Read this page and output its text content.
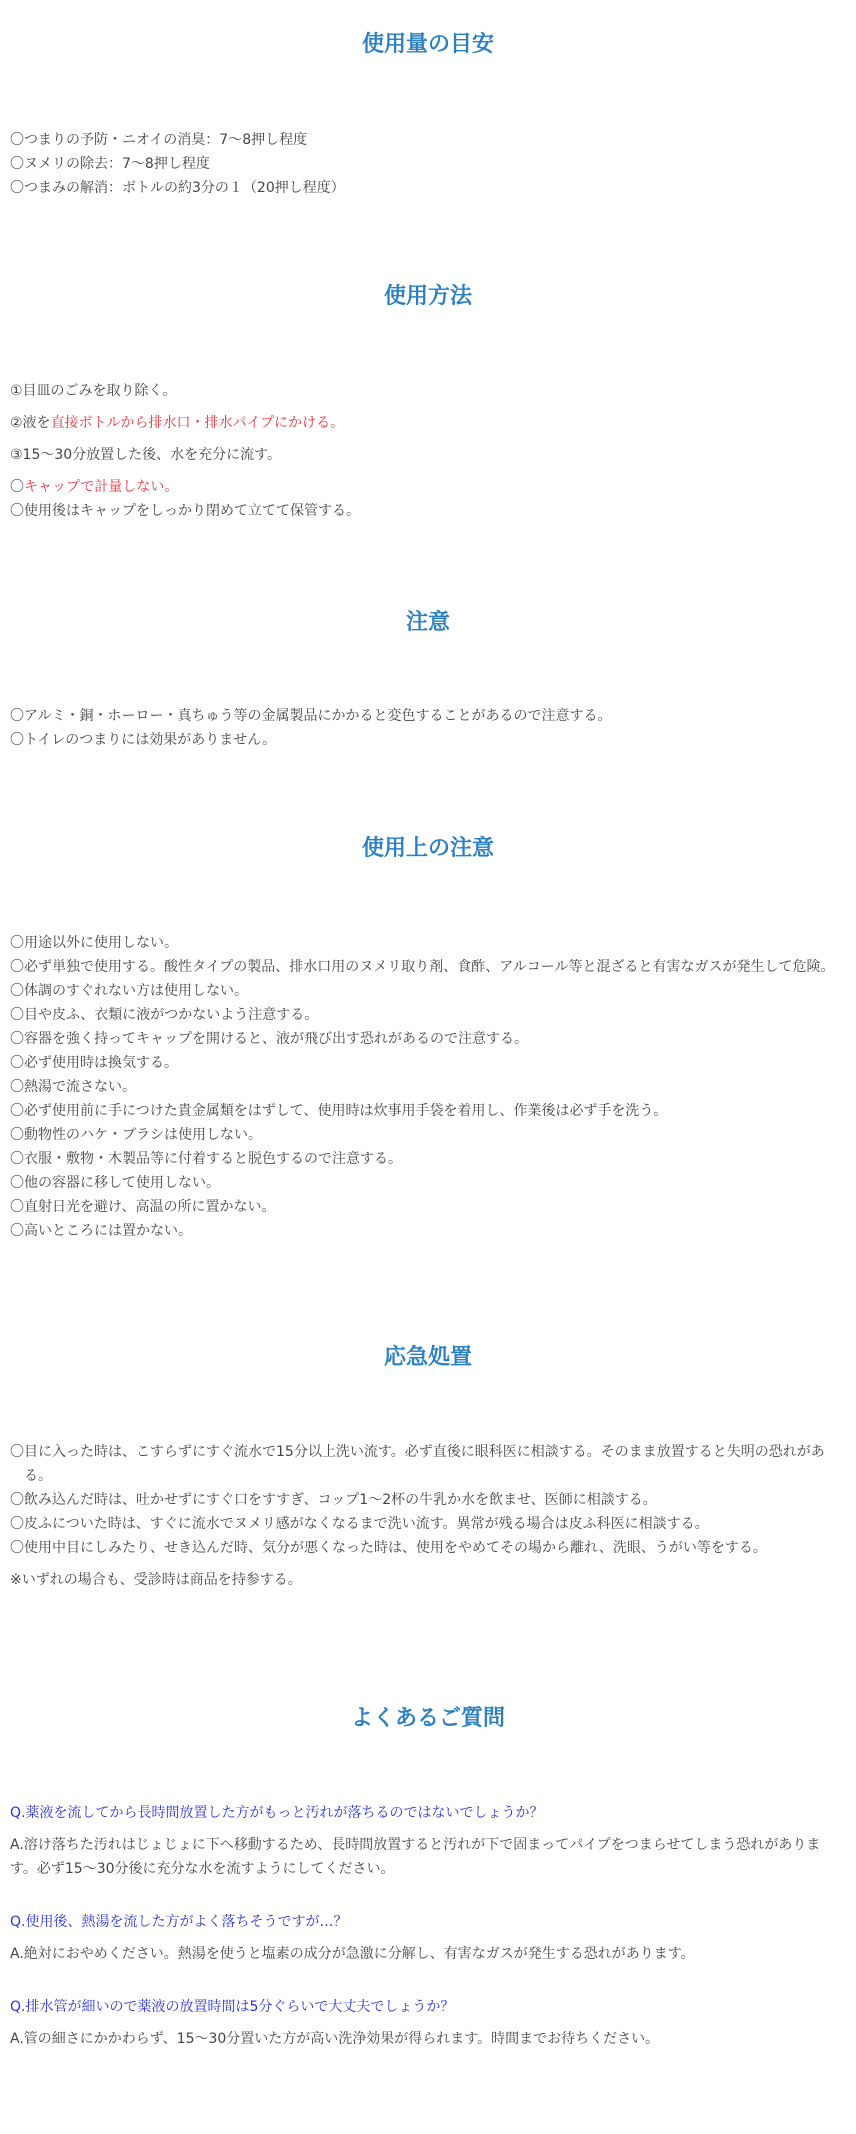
使用量の目安

〇つまりの予防・ニオイの消臭：7〜8押し程度

〇ヌメリの除去：7〜8押し程度

〇つまみの解消：ボトルの約3分の１（20押し程度）

使用方法

①目皿のごみを取り除く。

②液を直接ボトルから排水口・排水パイプにかける。

③15〜30分放置した後、水を充分に流す。

〇キャップで計量しない。

〇使用後はキャップをしっかり閉めて立てて保管する。

注意

〇アルミ・銅・ホーロー・真ちゅう等の金属製品にかかると変色することがあるので注意する。

〇トイレのつまりには効果がありません。

使用上の注意

〇用途以外に使用しない。

〇必ず単独で使用する。酸性タイプの製品、排水口用のヌメリ取り剤、食酢、アルコール等と混ざると有害なガスが発生して危険。

〇体調のすぐれない方は使用しない。

〇目や皮ふ、衣類に液がつかないよう注意する。

〇容器を強く持ってキャップを開けると、液が飛び出す恐れがあるので注意する。

〇必ず使用時は換気する。

〇熱湯で流さない。

〇必ず使用前に手につけた貴金属類をはずして、使用時は炊事用手袋を着用し、作業後は必ず手を洗う。

〇動物性のハケ・ブラシは使用しない。

〇衣服・敷物・木製品等に付着すると脱色するので注意する。

〇他の容器に移して使用しない。

〇直射日光を避け、高温の所に置かない。

〇高いところには置かない。

応急処置

〇目に入った時は、こすらずにすぐ流水で15分以上洗い流す。必ず直後に眼科医に相談する。そのまま放置すると失明の恐れがある。

〇飲み込んだ時は、吐かせずにすぐ口をすすぎ、コップ1〜2杯の牛乳か水を飲ませ、医師に相談する。

〇皮ふについた時は、すぐに流水でヌメリ感がなくなるまで洗い流す。異常が残る場合は皮ふ科医に相談する。

〇使用中目にしみたり、せき込んだ時、気分が悪くなった時は、使用をやめてその場から離れ、洗眼、うがい等をする。

※いずれの場合も、受診時は商品を持参する。

よくあるご質問

Q.薬液を流してから長時間放置した方がもっと汚れが落ちるのではないでしょうか？

A.溶け落ちた汚れはじょじょに下へ移動するため、長時間放置すると汚れが下で固まってパイプをつまらせてしまう恐れがあります。必ず15〜30分後に充分な水を流すようにしてください。

Q.使用後、熱湯を流した方がよく落ちそうですが…？

A.絶対におやめください。熱湯を使うと塩素の成分が急激に分解し、有害なガスが発生する恐れがあります。

Q.排水管が細いので薬液の放置時間は5分ぐらいで大丈夫でしょうか？

A.管の細さにかかわらず、15〜30分置いた方が高い洗浄効果が得られます。時間までお待ちください。
